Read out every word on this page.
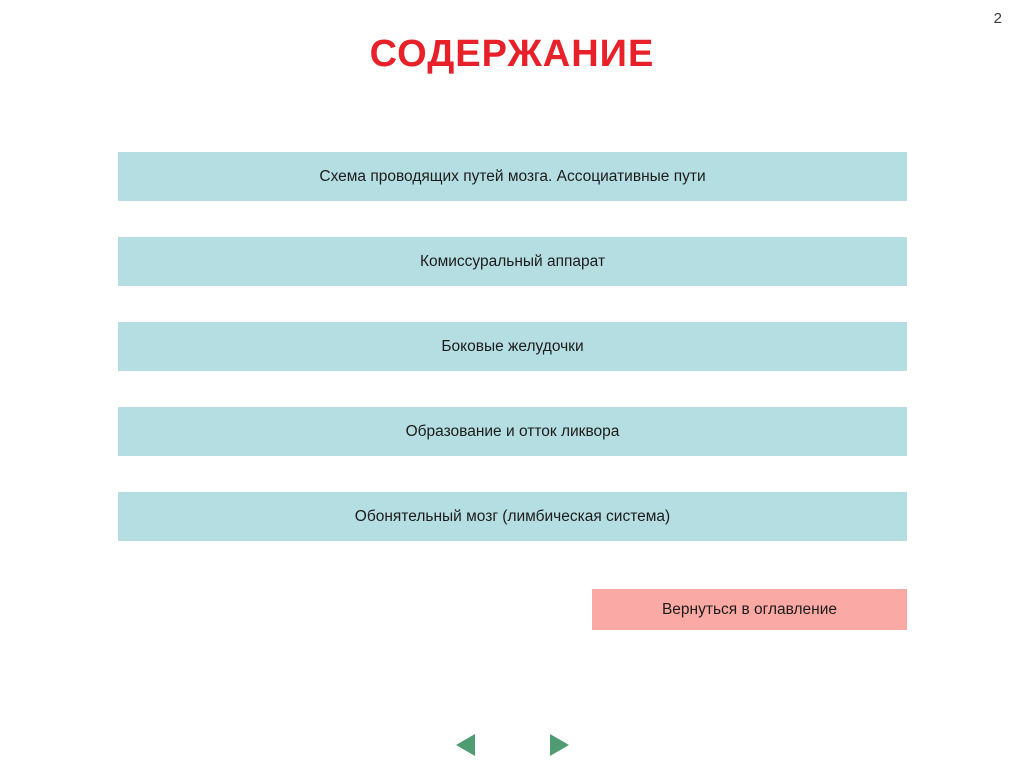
2
СОДЕРЖАНИЕ
Схема проводящих путей мозга. Ассоциативные пути
Комиссуральный аппарат
Боковые желудочки
Образование и отток ликвора
Обонятельный мозг (лимбическая система)
Вернуться в оглавление
